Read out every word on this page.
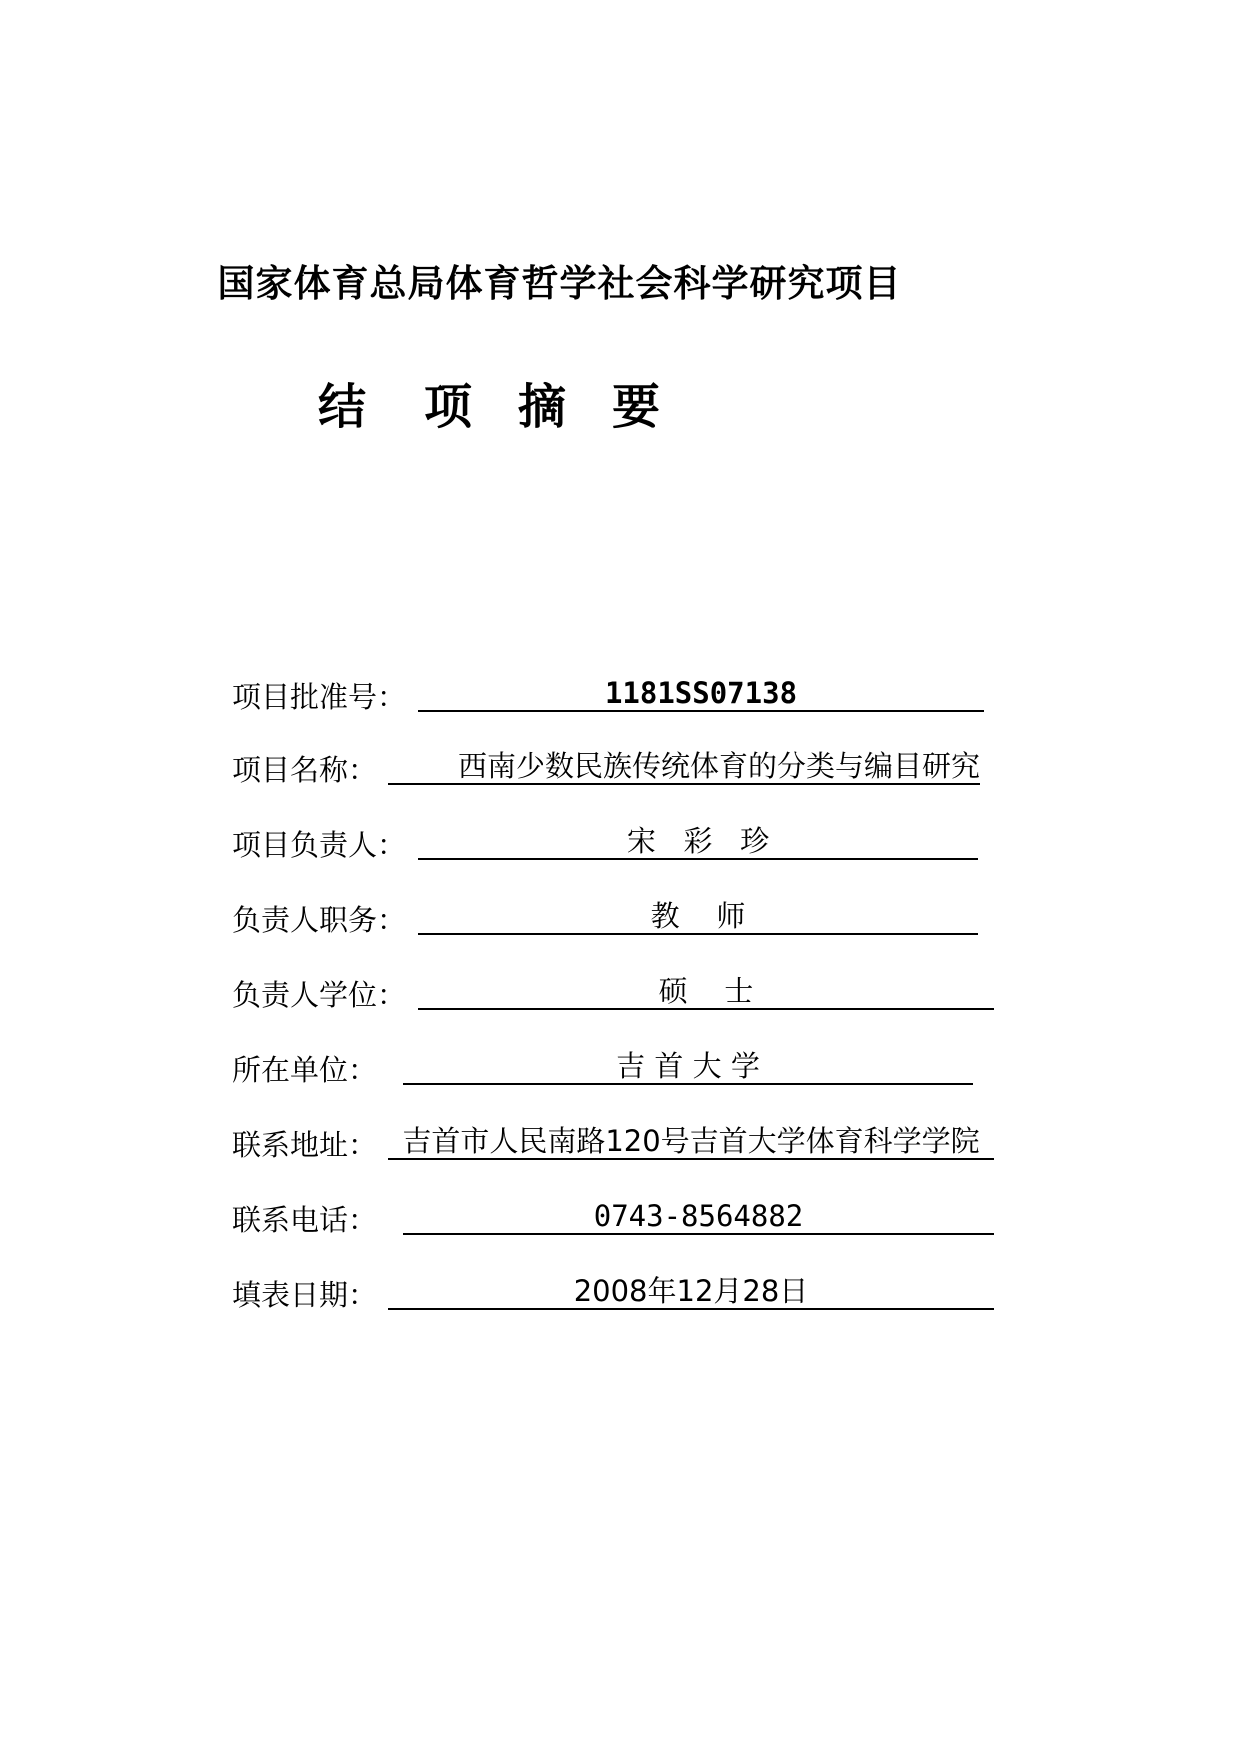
国家体育总局体育哲学社会科学研究项目
结 项 摘 要
项目批准号：	1181SS07138
项目名称：	西南少数民族传统体育的分类与编目研究
项目负责人：	宋   彩   珍
负责人职务：	教    师
负责人学位：	硕    士
所在单位：	吉 首 大 学
联系地址： 吉首市人民南路120号吉首大学体育科学学院
联系电话：	0743-8564882
填表日期：	2008年12月28日
